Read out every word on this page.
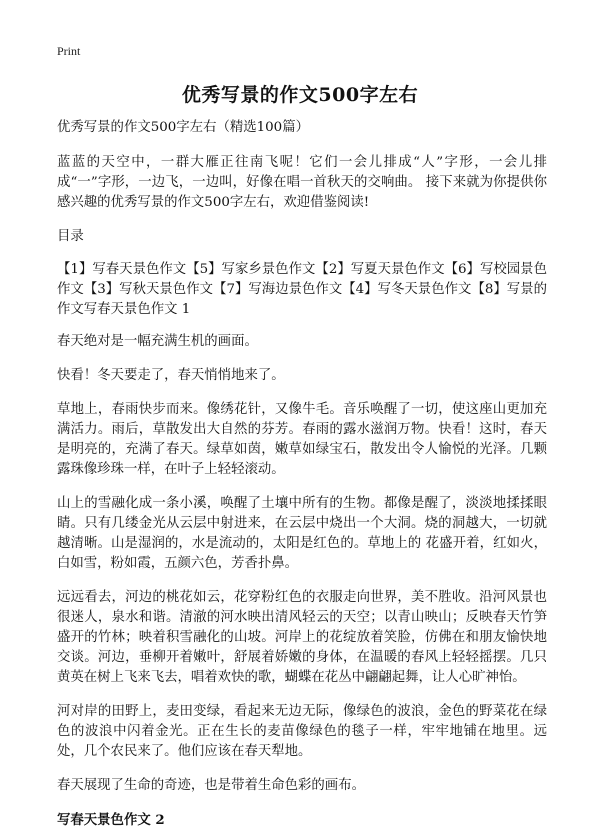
Print
优秀写景的作文500字左右

优秀写景的作文500字左右（精选100篇）

蓝蓝的天空中，一群大雁正往南飞呢！它们一会儿排成“人”字形，一会儿排成“一”字形，一边飞，一边叫，好像在唱一首秋天的交响曲。 接下来就为你提供你感兴趣的优秀写景的作文500字左右，欢迎借鉴阅读!

目录

【1】写春天景色作文【5】写家乡景色作文【2】写夏天景色作文【6】写校园景色作文【3】写秋天景色作文【7】写海边景色作文【4】写冬天景色作文【8】写景的作文写春天景色作文 1

春天绝对是一幅充满生机的画面。

快看！冬天要走了，春天悄悄地来了。

草地上，春雨快步而来。像绣花针，又像牛毛。音乐唤醒了一切，使这座山更加充满活力。雨后，草散发出大自然的芬芳。春雨的露水滋润万物。快看！这时，春天是明亮的，充满了春天。绿草如茵，嫩草如绿宝石，散发出令人愉悦的光泽。几颗露珠像珍珠一样，在叶子上轻轻滚动。

山上的雪融化成一条小溪，唤醒了土壤中所有的生物。都像是醒了，淡淡地揉揉眼睛。只有几缕金光从云层中射进来，在云层中烧出一个大洞。烧的洞越大，一切就越清晰。山是湿润的，水是流动的，太阳是红色的。草地上的 花盛开着，红如火，白如雪，粉如霞，五颜六色，芳香扑鼻。

远远看去，河边的桃花如云，花穿粉红色的衣服走向世界，美不胜收。沿河风景也很迷人，泉水和谐。清澈的河水映出清风轻云的天空；以青山映山；反映春天竹笋盛开的竹林；映着积雪融化的山坡。河岸上的花绽放着笑脸，仿佛在和朋友愉快地交谈。河边，垂柳开着嫩叶，舒展着娇嫩的身体，在温暖的春风上轻轻摇摆。几只黄英在树上飞来飞去，唱着欢快的歌，蝴蝶在花丛中翩翩起舞，让人心旷神怡。

河对岸的田野上，麦田变绿，看起来无边无际，像绿色的波浪，金色的野菜花在绿色的波浪中闪着金光。正在生长的麦苗像绿色的毯子一样，牢牢地铺在地里。远处，几个农民来了。他们应该在春天犁地。

春天展现了生命的奇迹，也是带着生命色彩的画布。

写春天景色作文 2
